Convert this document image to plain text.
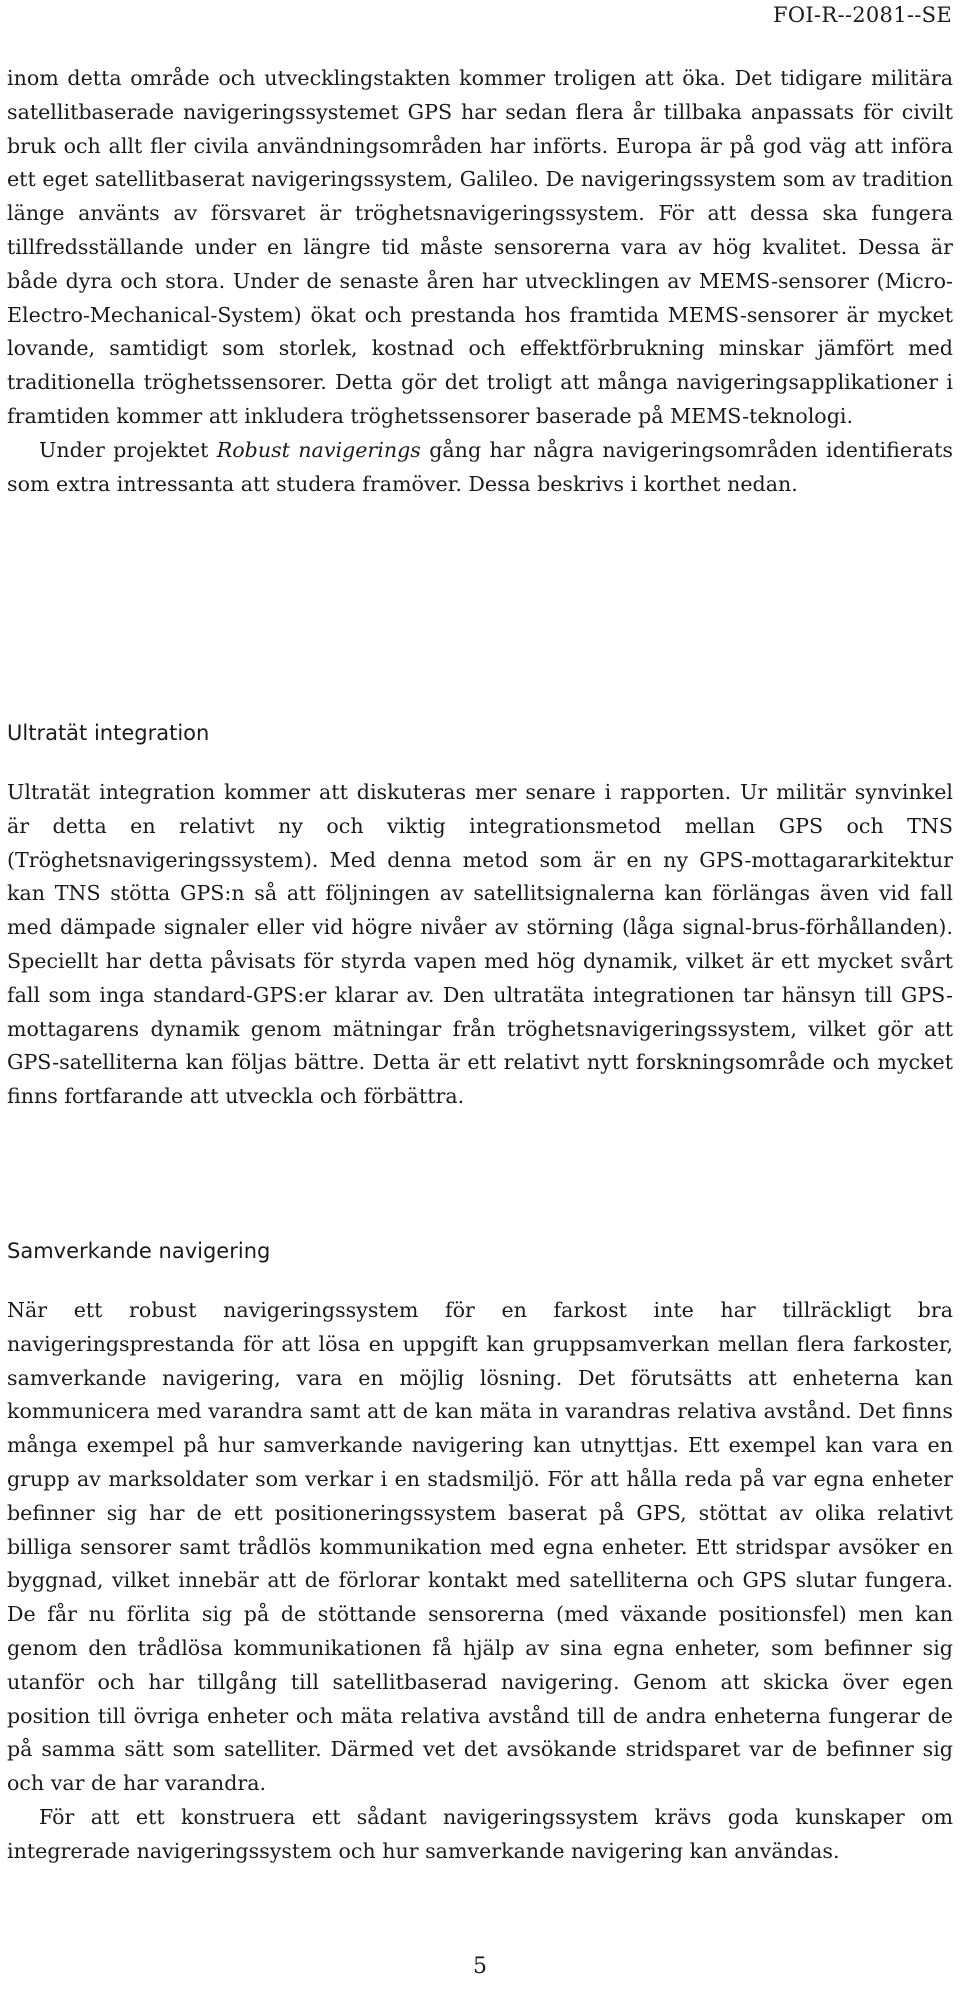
FOI-R--2081--SE

inom detta område och utvecklingstakten kommer troligen att öka. Det tidigare militära satellitbaserade navigeringssystemet GPS har sedan flera år tillbaka anpassats för civilt bruk och allt fler civila användningsområden har införts. Europa är på god väg att införa ett eget satellitbaserat navigeringssystem, Galileo. De navigeringssystem som av tradition länge använts av försvaret är tröghetsnavigeringssystem. För att dessa ska fungera tillfredsställande under en längre tid måste sensorerna vara av hög kvalitet. Dessa är både dyra och stora. Under de senaste åren har utvecklingen av MEMS-sensorer (Micro-Electro-Mechanical-System) ökat och prestanda hos framtida MEMS-sensorer är mycket lovande, samtidigt som storlek, kostnad och effektförbrukning minskar jämfört med traditionella tröghetssensorer. Detta gör det troligt att många navigeringsapplikationer i framtiden kommer att inkludera tröghetssensorer baserade på MEMS-teknologi.

Under projektet Robust navigerings gång har några navigeringsområden identifierats som extra intressanta att studera framöver. Dessa beskrivs i korthet nedan.

Ultratät integration

Ultratät integration kommer att diskuteras mer senare i rapporten. Ur militär synvinkel är detta en relativt ny och viktig integrationsmetod mellan GPS och TNS (Tröghetsnavigeringssystem). Med denna metod som är en ny GPS-mottagararkitektur kan TNS stötta GPS:n så att följningen av satellitsignalerna kan förlängas även vid fall med dämpade signaler eller vid högre nivåer av störning (låga signal-brus-förhållanden). Speciellt har detta påvisats för styrda vapen med hög dynamik, vilket är ett mycket svårt fall som inga standard-GPS:er klarar av. Den ultratäta integrationen tar hänsyn till GPS-mottagarens dynamik genom mätningar från tröghetsnavigeringssystem, vilket gör att GPS-satelliterna kan följas bättre. Detta är ett relativt nytt forskningsområde och mycket finns fortfarande att utveckla och förbättra.

Samverkande navigering

När ett robust navigeringssystem för en farkost inte har tillräckligt bra navigeringsprestanda för att lösa en uppgift kan gruppsamverkan mellan flera farkoster, samverkande navigering, vara en möjlig lösning. Det förutsätts att enheterna kan kommunicera med varandra samt att de kan mäta in varandras relativa avstånd. Det finns många exempel på hur samverkande navigering kan utnyttjas. Ett exempel kan vara en grupp av marksoldater som verkar i en stadsmiljö. För att hålla reda på var egna enheter befinner sig har de ett positioneringssystem baserat på GPS, stöttat av olika relativt billiga sensorer samt trådlös kommunikation med egna enheter. Ett stridspar avsöker en byggnad, vilket innebär att de förlorar kontakt med satelliterna och GPS slutar fungera. De får nu förlita sig på de stöttande sensorerna (med växande positionsfel) men kan genom den trådlösa kommunikationen få hjälp av sina egna enheter, som befinner sig utanför och har tillgång till satellitbaserad navigering. Genom att skicka över egen position till övriga enheter och mäta relativa avstånd till de andra enheterna fungerar de på samma sätt som satelliter. Därmed vet det avsökande stridsparet var de befinner sig och var de har varandra.

För att ett konstruera ett sådant navigeringssystem krävs goda kunskaper om integrerade navigeringssystem och hur samverkande navigering kan användas.

5
